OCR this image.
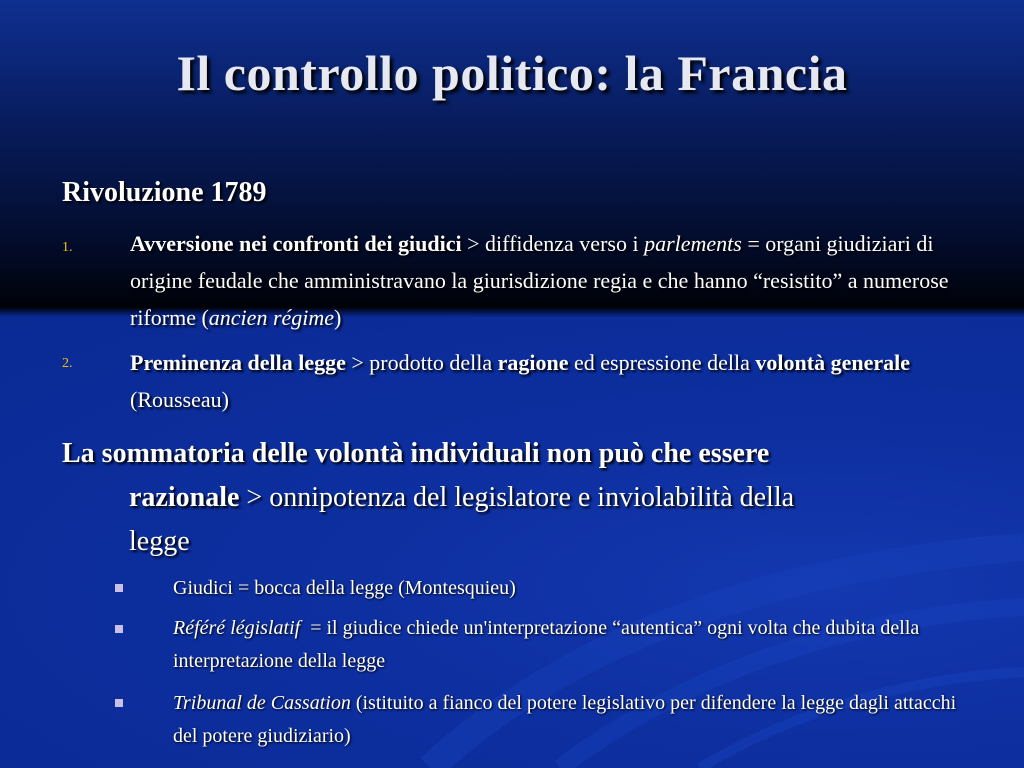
Il controllo politico: la Francia
Rivoluzione 1789
1.	Avversione nei confronti dei giudici > diffidenza verso i parlements = organi giudiziari di origine feudale che amministravano la giurisdizione regia e che hanno “resistito” a numerose riforme (ancien régime)
2.	Preminenza della legge > prodotto della ragione ed espressione della volontà generale (Rousseau)
La sommatoria delle volontà individuali non può che essere
razionale > onnipotenza del legislatore e inviolabilità della
legge
Giudici = bocca della legge (Montesquieu)
Référé législatif  = il giudice chiede un'interpretazione “autentica” ogni volta che dubita della interpretazione della legge
Tribunal de Cassation (istituito a fianco del potere legislativo per difendere la legge dagli attacchi del potere giudiziario)
